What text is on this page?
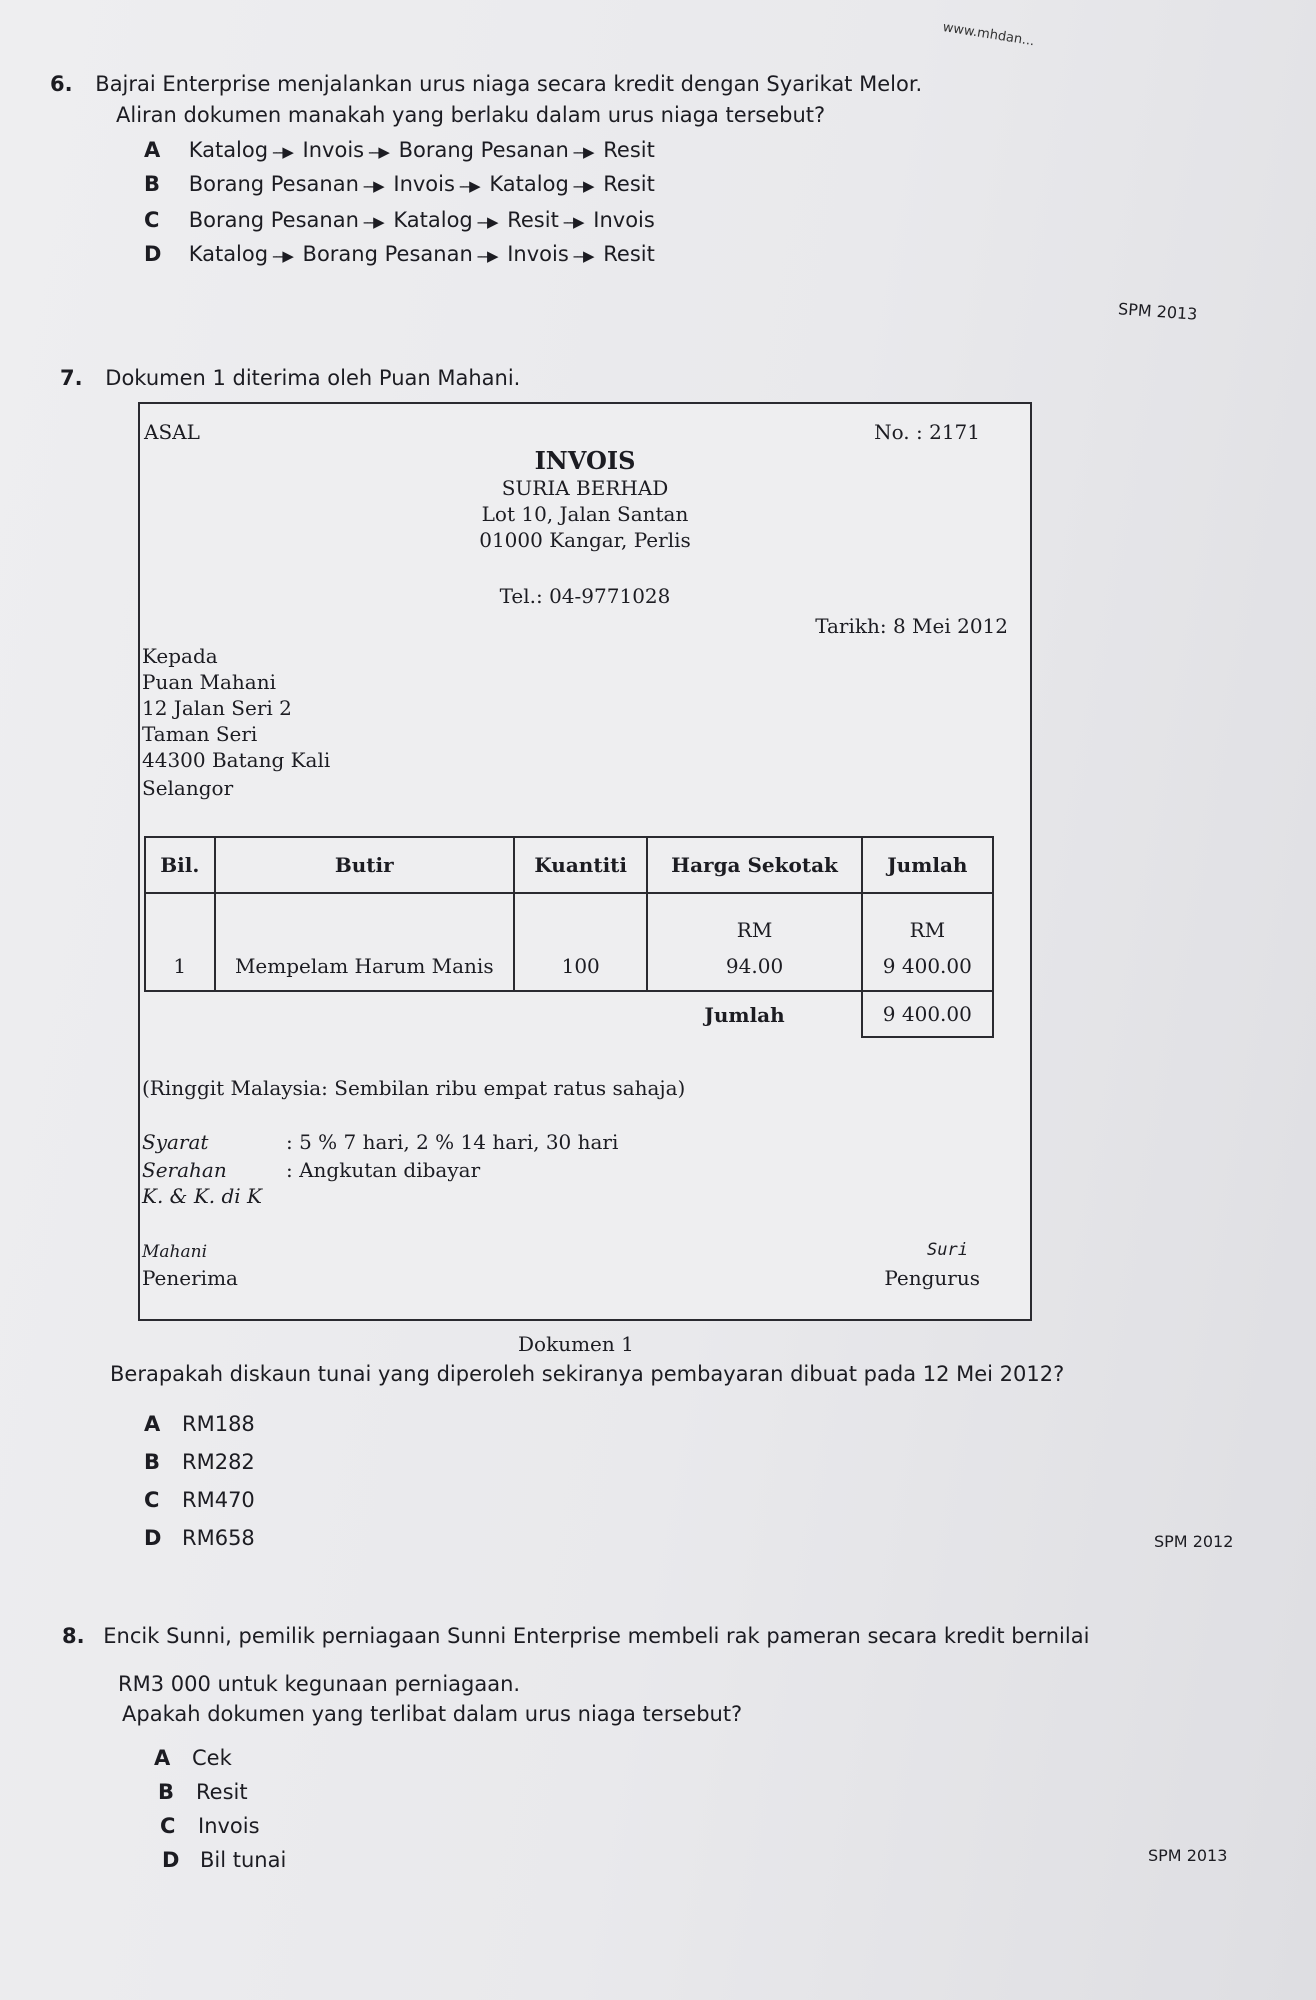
www.mhdan...
6. Bajrai Enterprise menjalankan urus niaga secara kredit dengan Syarikat Melor.
Aliran dokumen manakah yang berlaku dalam urus niaga tersebut?
A Katalog ---▶ Invois ---▶ Borang Pesanan ---▶ Resit
B Borang Pesanan ---▶ Invois ---▶ Katalog ---▶ Resit
C Borang Pesanan ---▶ Katalog ---▶ Resit ---▶ Invois
D Katalog ---▶ Borang Pesanan ---▶ Invois ---▶ Resit
SPM 2013
7. Dokumen 1 diterima oleh Puan Mahani.
ASAL	No. : 2171
INVOIS
SURIA BERHAD
Lot 10, Jalan Santan
01000 Kangar, Perlis
Tel.: 04-9771028
Tarikh: 8 Mei 2012
Kepada
Puan Mahani
12 Jalan Seri 2
Taman Seri
44300 Batang Kali
Selangor
Bil.	Butir	Kuantiti	Harga Sekotak	Jumlah
			RM	RM
1	Mempelam Harum Manis	100	94.00	9 400.00
Jumlah				9 400.00
(Ringgit Malaysia: Sembilan ribu empat ratus sahaja)
Syarat	: 5 % 7 hari, 2 % 14 hari, 30 hari
Serahan	: Angkutan dibayar
K. & K. di K
Mahani
Penerima
Suri
Pengurus
Dokumen 1
Berapakah diskaun tunai yang diperoleh sekiranya pembayaran dibuat pada 12 Mei 2012?
A RM188
B RM282
C RM470
D RM658	SPM 2012
8. Encik Sunni, pemilik perniagaan Sunni Enterprise membeli rak pameran secara kredit bernilai
RM3 000 untuk kegunaan perniagaan.
Apakah dokumen yang terlibat dalam urus niaga tersebut?
A Cek
B Resit
C Invois
D Bil tunai	SPM 2013
